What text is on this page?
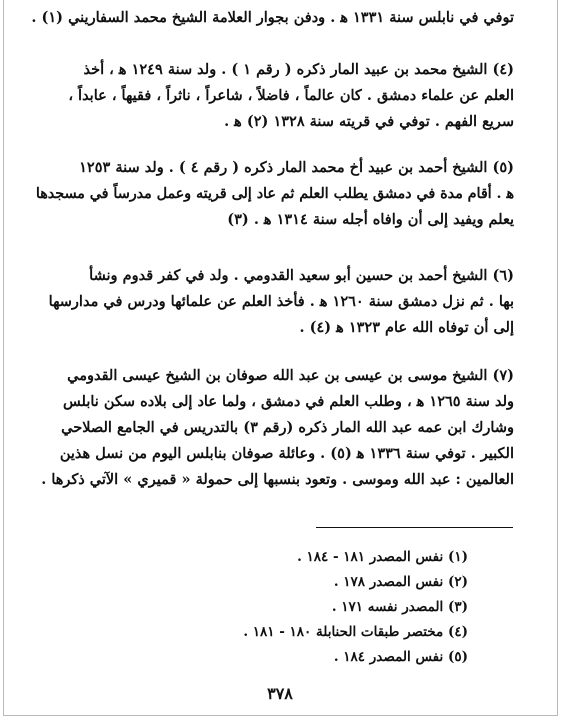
توفي في نابلس سنة ١٣٣١ ﻫ . ودفن بجوار العلامة الشيخ محمد السفاريني (١) .
(٤) الشيخ محمد بن عبيد المار ذكره ( رقم ١ ) . ولد سنة ١٢٤٩ ﻫ ، أخذ
العلم عن علماء دمشق . كان عالماً ، فاضلاً ، شاعراً ، ناثراً ، فقيهاً ، عابداً ،
سريع الفهم . توفي في قريته سنة ١٣٢٨ (٢) ﻫ .
(٥) الشيخ أحمد بن عبيد أخ محمد المار ذكره ( رقم ٤ ) . ولد سنة ١٢٥٣
ﻫ . أقام مدة في دمشق يطلب العلم ثم عاد إلى قريته وعمل مدرساً في مسجدها
يعلم ويفيد إلى أن وافاه أجله سنة ١٣١٤ ﻫ . (٣)
(٦) الشيخ أحمد بن حسين أبو سعيد القدومي . ولد في كفر قدوم ونشأ
بها . ثم نزل دمشق سنة ١٢٦٠ ﻫ . فأخذ العلم عن علمائها ودرس في مدارسها
إلى أن توفاه الله عام ١٣٢٣ ﻫ (٤) .
(٧) الشيخ موسى بن عيسى بن عبد الله صوفان بن الشيخ عيسى القدومي
ولد سنة ١٢٦٥ ﻫ ، وطلب العلم في دمشق ، ولما عاد إلى بلاده سكن نابلس
وشارك ابن عمه عبد الله المار ذكره (رقم ٣) بالتدريس في الجامع الصلاحي
الكبير . توفي سنة ١٣٣٦ ﻫ (٥) . وعائلة صوفان بنابلس اليوم من نسل هذين
العالمين : عبد الله وموسى . وتعود بنسبها إلى حمولة « قميري » الآتي ذكرها .
(١) نفس المصدر ١٨١ - ١٨٤ .
(٢) نفس المصدر ١٧٨ .
(٣) المصدر نفسه ١٧١ .
(٤) مختصر طبقات الحنابلة ١٨٠ - ١٨١ .
(٥) نفس المصدر ١٨٤ .
٣٧٨
